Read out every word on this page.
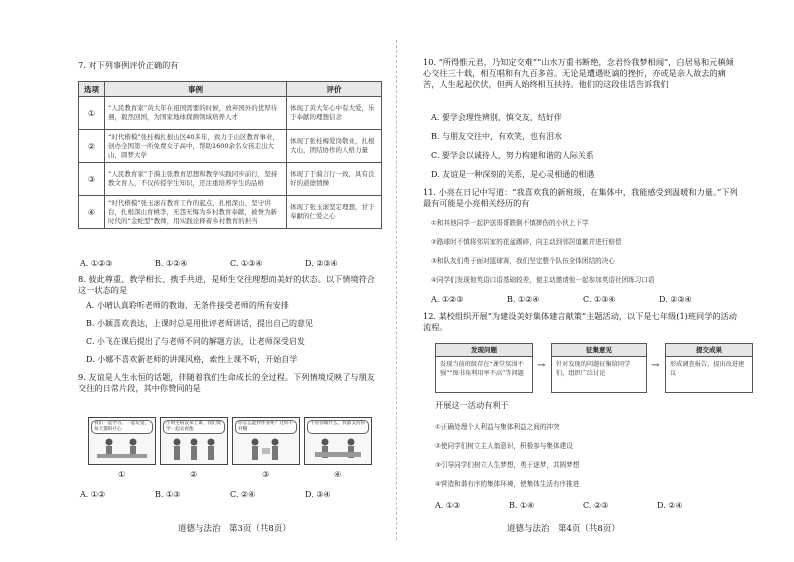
7. 对下列事例评价正确的有
选项	事例	评价
①	“人民教育家”黄大年在祖国需要的时候，放弃国外的优厚待遇，毅然回国，为国家地球探测领域培养人才	体现了黄大年心中有大爱，乐于奉献的理想信念
②	“时代楷模”张桂梅扎根山区40多年，致力于山区教育事业，创办全国第一所免费女子高中，帮助1600余名女孩走出大山，圆梦大学	体现了张桂梅爱岗敬业，扎根大山，团结协作的人格力量
③	“人民教育家”于漪主张教育思想和教学实践同步前行，坚持教文育人，不仅传授学生知识，还注重培养学生的品格	体现了于漪言行一致，具有良好的道德情操
④	“时代楷模”张玉滚在教育工作的起点，扎根深山，坚守讲台，扎根深山育桃李，无怨无悔为乡村教育奉献，被誉为新时代的“金蛇型”教师，用实践诠释着乡村教育的担当	体现了张玉滚坚定理想，甘于奉献的仁爱之心
A. ①②③	B. ①②④	C. ①③④	D. ②③④
8. 彼此尊重、教学相长、携手共进，是师生交往理想而美好的状态。以下情境符合这一状态的是
A. 小晴认真聆听老师的教诲，无条件接受老师的所有安排
B. 小颖喜欢表达，上课时总是用批评老师讲话，提出自己的意见
C. 小飞在课后提出了与老师不同的解题方法，让老师深受启发
D. 小娜不喜欢新老师的讲课风格，索性上课不听，开始自学
9. 友谊是人生永恒的话题，伴随着我们生命成长的全过程。下列情境反映了与朋友交往的日常片段，其中你赞同的是
我们一起学习、一起玩耍，每天都很开心
小明生病没来上课，我们放学一起去看他
你怎么能抄作业呢？这样不对哦
不管你做什么，我都支持你
①	②	③	④
A. ①②	B. ①③	C. ②④	D. ③④
道德与法治　第3页（共8页）
10. “所得惟元君，乃知定交难”“山水万重书断绝，念君怜我梦相闻”，白居易和元稹倾心交往三十载，相互唱和有九百多首。无论是遭遇贬谪的挫折，亦或是亲人故去的痛苦，人生起起伏伏，但两人始终相互扶持。他们的这段佳话告诉我们
A. 要学会理性辨别，慎交友，结好伴
B. 与朋友交往中，有欢笑，也有泪水
C. 要学会以诚待人，努力构建和谐的人际关系
D. 友谊是一种深刻的关系，是心灵相通的相遇
11. 小亮在日记中写道：“我喜欢我的新班级，在集体中，我能感受到温暖和力量。”下列最有可能是小亮相关经历的有
①和其他同学一起护送哥哥跌倒不慎摔伤的小伙上下学
②路球时不慎将邻居家的花盆踢碎，向主动到邻居道歉并进行赔偿
③和队友们勇于面对篮球赛，我们坚定整个队伍全体团结的决心
④同学们发现他英语口语基础较差，便主动邀请他一起参加英语社团练习口语
A. ①②③	B. ①②④	C. ①③④	D. ②③④
12. 某校组织开展“为建设美好集体建言献策”主题活动，以下是七年级(1)班同学的活动流程。
发现问题
发现当前班级存在“课堂氛围不强”“图书角利用率不高”等问题
→
征集意见
针对发现的问题征集给同学们，组织广泛讨论
→
提交成果
形成调查报告，提出改进建议
开展这一活动有利于
①正确处理个人利益与集体利益之间的冲突
②使同学们树立主人翁意识，积极参与集体建设
③引导同学们树立人生梦想，勇于逐梦，共圆梦想
④营造和谐有序的集体环境，使集体生活有序推进
A. ①③	B. ①④	C. ②③	D. ②④
道德与法治　第4页（共8页）
